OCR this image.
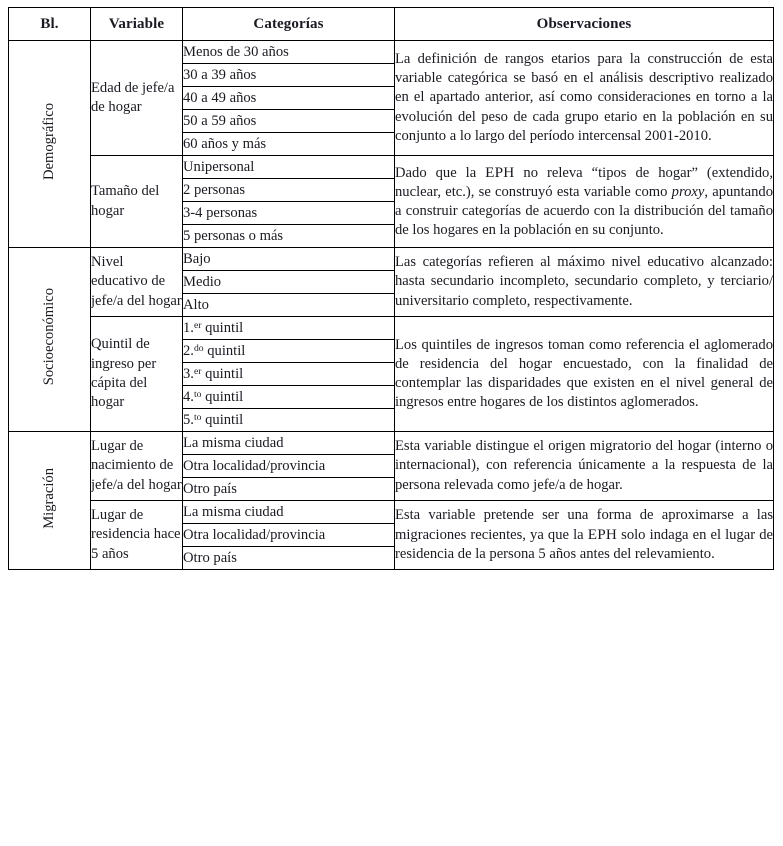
Bl.	Variable	Categorías	Observaciones
Demográfico	Edad de jefe/a de hogar	Menos de 30 años	La definición de rangos etarios para la construcción de esta variable categórica se basó en el análisis descriptivo realizado en el apartado anterior, así como consideraciones en torno a la evolución del peso de cada grupo etario en la población en su conjunto a lo largo del período intercensal 2001-2010.

		30 a 39 años	
		40 a 49 años	
		50 a 59 años	
		60 años y más	
	Tamaño del hogar	Unipersonal	Dado que la EPH no releva “tipos de hogar” (extendido, nuclear, etc.), se construyó esta variable como proxy, apuntando a construir categorías de acuerdo con la distribución del tamaño de los hogares en la población en su conjunto.

		2 personas	
		3-4 personas	
		5 personas o más	
Socioeconómico	Nivel educativo de jefe/a del hogar	Bajo	Las categorías refieren al máximo nivel educativo alcanzado: hasta secundario incompleto, secundario completo, y terciario/ universitario completo, respectivamente.

		Medio	
		Alto	
	Quintil de ingreso per cápita del hogar	1.$^{er}$ quintil	Los quintiles de ingresos toman como referencia el aglomerado de residencia del hogar encuestado, con la finalidad de contemplar las disparidades que existen en el nivel general de ingresos entre hogares de los distintos aglomerados.

		2.$^{do}$ quintil	
		3.$^{er}$ quintil	
		4.$^{to}$ quintil	
		5.$^{to}$ quintil	
Migración	Lugar de nacimiento de jefe/a del hogar	La misma ciudad	Esta variable distingue el origen migratorio del hogar (interno o internacional), con referencia únicamente a la respuesta de la persona relevada como jefe/a de hogar.

		Otra localidad/provincia	
		Otro país	
	Lugar de residencia hace 5 años	La misma ciudad	Esta variable pretende ser una forma de aproximarse a las migraciones recientes, ya que la EPH solo indaga en el lugar de residencia de la persona 5 años antes del relevamiento.

		Otra localidad/provincia	
		Otro país	
